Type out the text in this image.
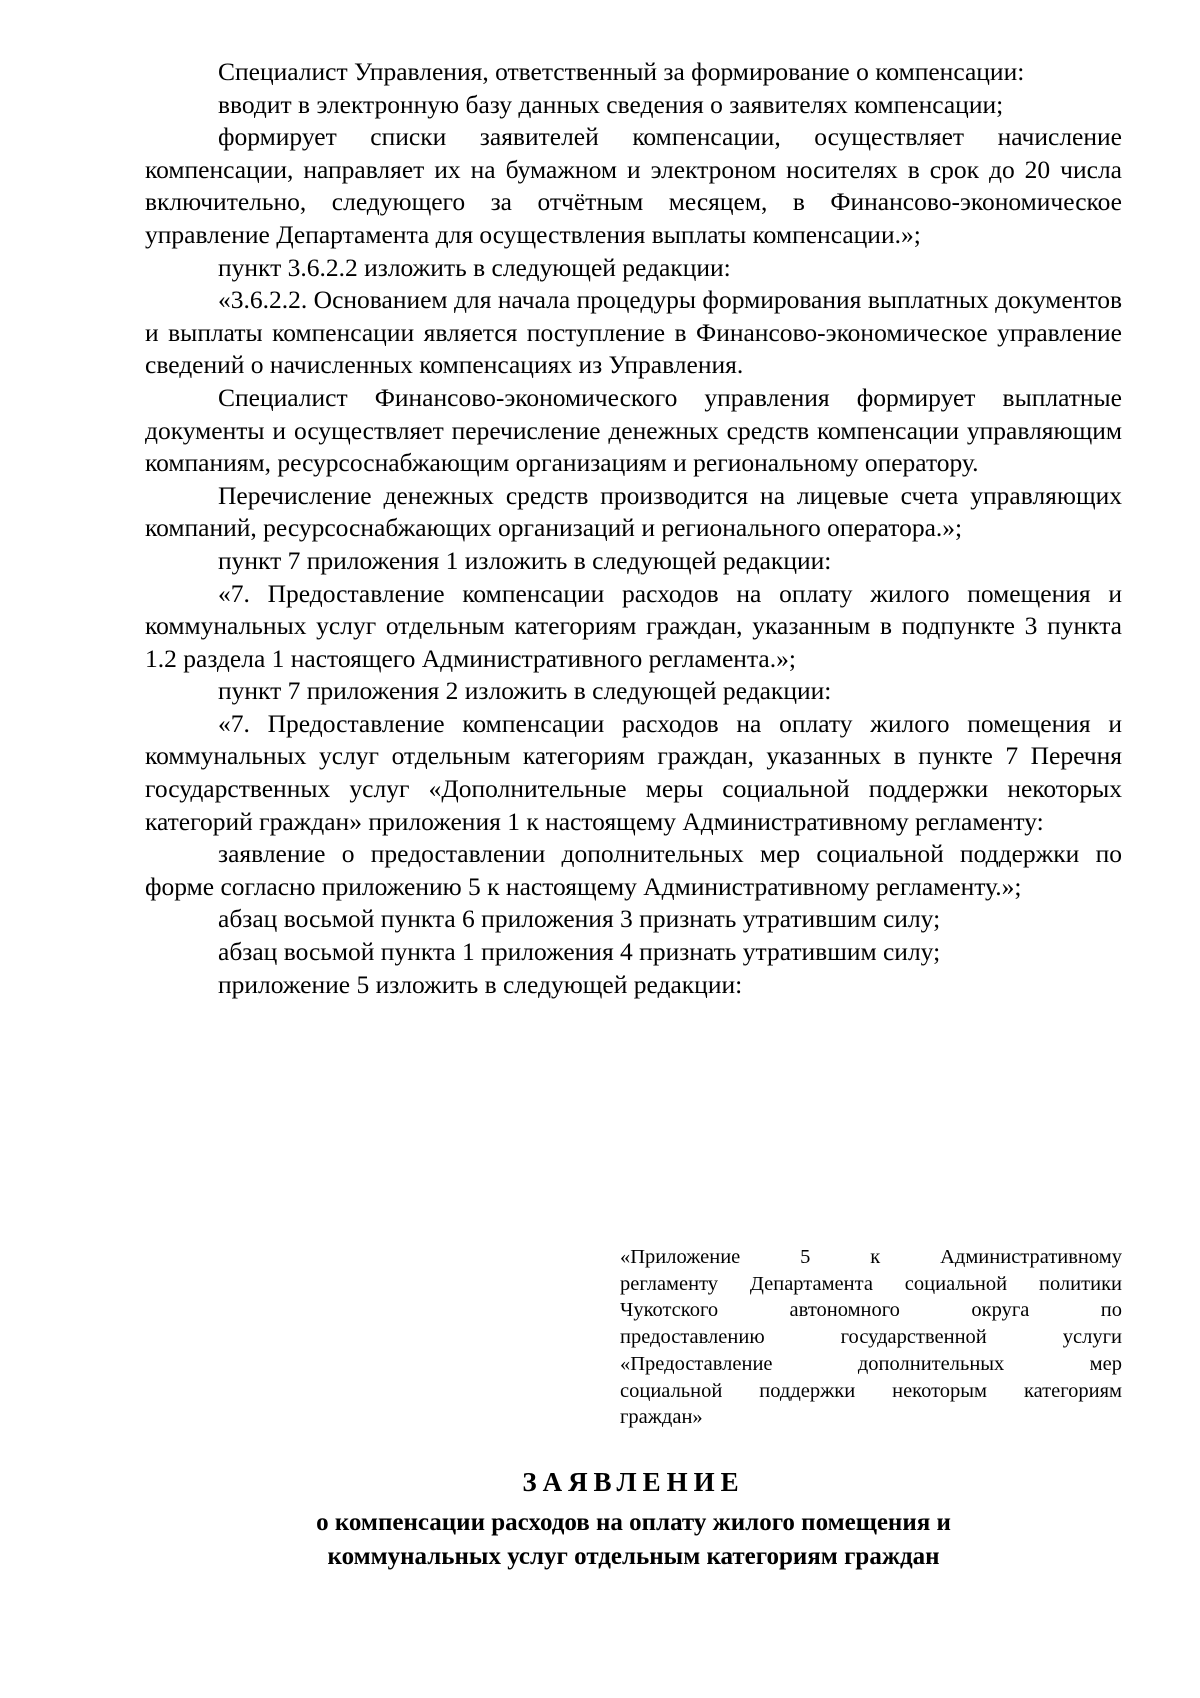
Специалист Управления, ответственный за формирование о компенсации:

вводит в электронную базу данных сведения о заявителях компенсации;

формирует списки заявителей компенсации, осуществляет начисление компенсации, направляет их на бумажном и электроном носителях в срок до 20 числа включительно, следующего за отчётным месяцем, в Финансово-экономическое управление Департамента для осуществления выплаты компенсации.»;

пункт 3.6.2.2 изложить в следующей редакции:

«3.6.2.2. Основанием для начала процедуры формирования выплатных документов и выплаты компенсации является поступление в Финансово-экономическое управление сведений о начисленных компенсациях из Управления.

Специалист Финансово-экономического управления формирует выплатные документы и осуществляет перечисление денежных средств компенсации управляющим компаниям, ресурсоснабжающим организациям и региональному оператору.

Перечисление денежных средств производится на лицевые счета управляющих компаний, ресурсоснабжающих организаций и регионального оператора.»;

пункт 7 приложения 1 изложить в следующей редакции:

«7. Предоставление компенсации расходов на оплату жилого помещения и коммунальных услуг отдельным категориям граждан, указанным в подпункте 3 пункта 1.2 раздела 1 настоящего Административного регламента.»;

пункт 7 приложения 2 изложить в следующей редакции:

«7. Предоставление компенсации расходов на оплату жилого помещения и коммунальных услуг отдельным категориям граждан, указанных в пункте 7 Перечня государственных услуг «Дополнительные меры социальной поддержки некоторых категорий граждан» приложения 1 к настоящему Административному регламенту:

заявление о предоставлении дополнительных мер социальной поддержки по форме согласно приложению 5 к настоящему Административному регламенту.»;

абзац восьмой пункта 6 приложения 3 признать утратившим силу;

абзац восьмой пункта 1 приложения 4 признать утратившим силу;

приложение 5 изложить в следующей редакции:

«Приложение 5 к Административному
регламенту Департамента социальной политики
Чукотского автономного округа по
предоставлению государственной услуги
«Предоставление дополнительных мер
социальной поддержки некоторым категориям
граждан»
ЗАЯВЛЕНИЕ
о компенсации расходов на оплату жилого помещения и
коммунальных услуг отдельным категориям граждан
